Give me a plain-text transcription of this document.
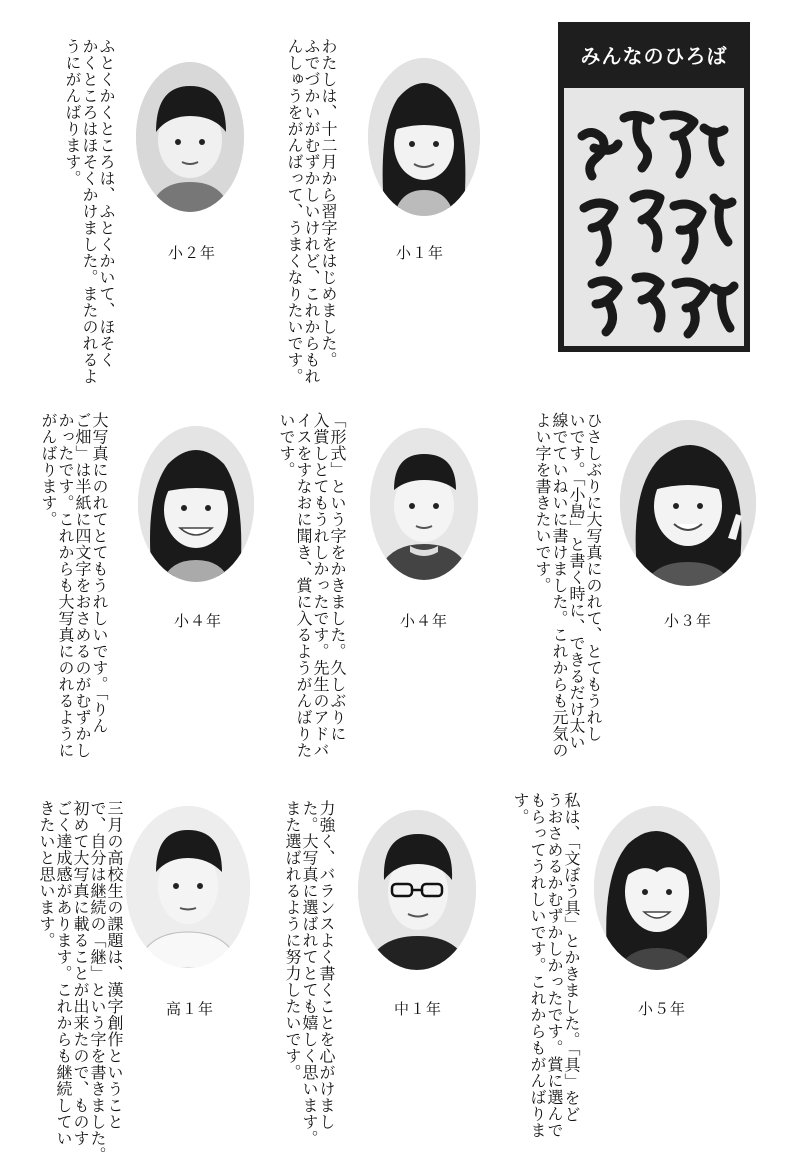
みんなのひろば
ふとくかくところは、ふとくかいて、ほそく
かくところはほそくかけました。またのれるよ
うにがんばります。
小２年	わたしは、十二月から習字をはじめました。
ふでづかいがむずかしいけれど、これからもれ
んしゅうをがんばって、うまくなりたいです。	小１年
大写真にのれてとてもうれしいです。「りん
ご畑」は半紙に四文字をおさめるのがむずかし
かったです。これからも大写真にのれるように
がんばります。
小４年	「形式」という字をかきました。久しぶりに
入賞しとてもうれしかったです。先生のアドバ
イスをすなおに聞き、賞に入るようがんばりた
いです。
小４年	ひさしぶりに大写真にのれて、とてもうれし
いです。「小島」と書く時に、できるだけ太い
線でていねいに書けました。これからも元気の
よい字を書きたいです。
小３年
三月の高校生の課題は、漢字創作ということ
で、自分は継続の「継」という字を書きました。
初めて大写真に載ることが出来たので、ものす
ごく達成感があります。これからも継続してい
きたいと思います。
高１年	力強く、バランスよく書くことを心がけまし
た。大写真に選ばれてとても嬉しく思います。
また選ばれるように努力したいです。	中１年	私は、「文ぼう具」とかきました。「具」をど
うおさめるかむずかしかったです。賞に選んで
もらってうれしいです。これからもがんばりま
す。
小５年
